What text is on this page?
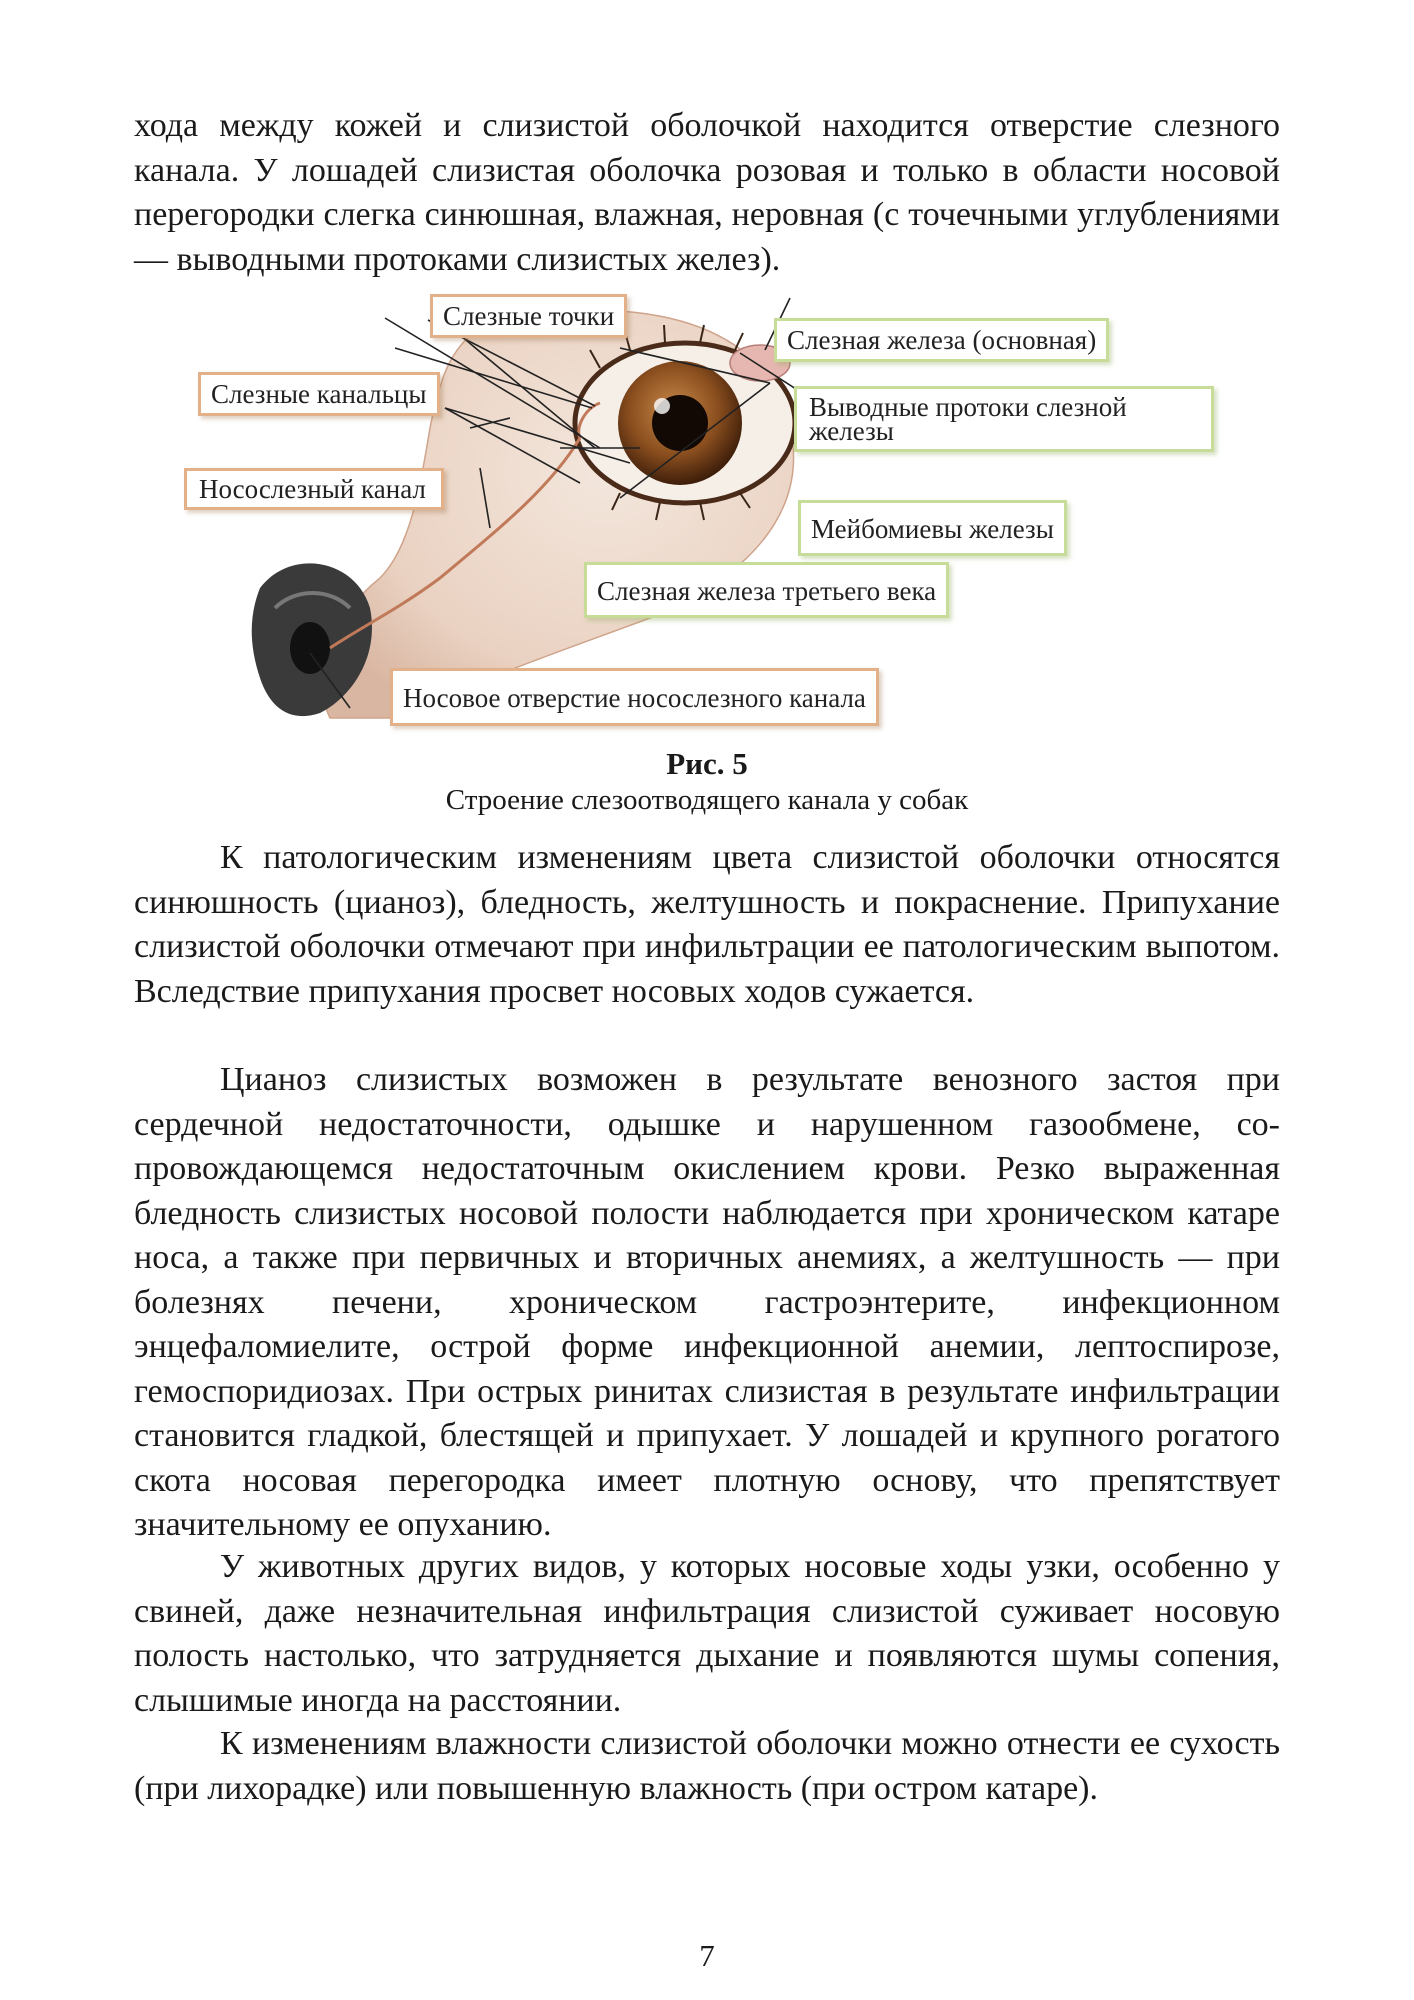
хода между кожей и слизистой оболочкой находится отверстие слезного канала. У лошадей слизистая оболочка розовая и только в области носовой перегородки слегка синюшная, влажная, неровная (с точечными углублениями — выводными протоками слизистых желез).

Слезные точки
Слезная железа (основная)
Слезные канальцы	Выводные протоки слезной железы
Носослезный канал
Мейбомиевы железы
Слезная железа третьего века
Носовое отверстие носослезного канала
Рис. 5
Строение слезоотводящего канала у собак

К патологическим изменениям цвета слизистой оболочки относятся синюшность (цианоз), бледность, желтушность и покраснение. Припухание слизистой оболочки отмечают при инфильтрации ее патологическим выпотом. Вследствие припухания просвет носовых ходов сужается.

Цианоз слизистых возможен в результате венозного застоя при сердечной недостаточности, одышке и нарушенном газообмене, сопровождающемся недостаточным окислением крови. Резко выраженная бледность слизистых носовой полости наблюдается при хроническом катаре носа, а также при первичных и вторичных анемиях, а желтушность — при болезнях печени, хроническом гастроэнтерите, инфекционном энцефаломиелите, острой форме инфекционной анемии, лептоспирозе, гемоспоридиозах. При острых ринитах слизистая в результате инфильтрации становится гладкой, блестящей и припухает. У лошадей и крупного рогатого скота носовая перегородка имеет плотную основу, что препятствует значительному ее опуханию.

У животных других видов, у которых носовые ходы узки, особенно у свиней, даже незначительная инфильтрация слизистой суживает носовую полость настолько, что затрудняется дыхание и появляются шумы сопения, слышимые иногда на расстоянии.

К изменениям влажности слизистой оболочки можно отнести ее сухость (при лихорадке) или повышенную влажность (при остром катаре).

7
